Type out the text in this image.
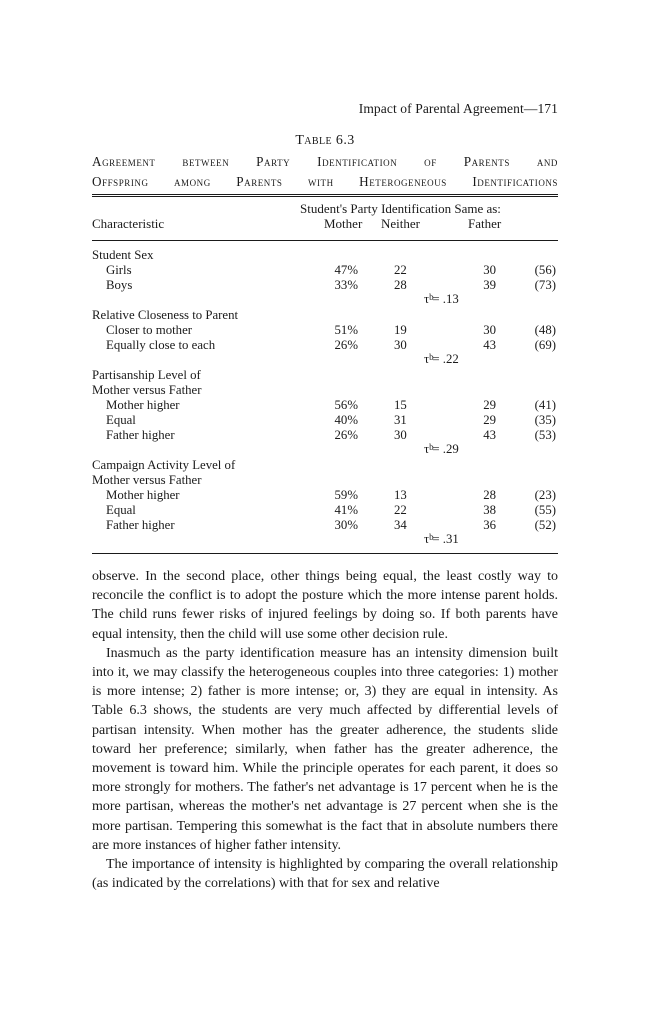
Impact of Parental Agreement—171
Table 6.3
Agreement between Party Identification of Parents and
Offspring among Parents with Heterogeneous Identifications
Student's Party Identification Same as:
Characteristic	Mother Neither	Father
Student Sex
Girls	47%	22	30	(56)
Boys	33%	28	39	(73)
τ b
= .13
Relative Closeness to Parent
Closer to mother	51%	19	30	(48)
Equally close to each	26%	30	43	(69)
τ b
= .22
Partisanship Level of
Mother versus Father
Mother higher	56%	15	29	(41)
Equal	40%	31	29	(35)
Father higher	26%	30	43	(53)
τ b
= .29
Campaign Activity Level of
Mother versus Father
Mother higher	59%	13	28	(23)
Equal	41%	22	38	(55)
Father higher	30%	34	36	(52)
τ b
= .31

observe. In the second place, other things being equal, the least costly way to reconcile the conflict is to adopt the posture which the more intense parent holds. The child runs fewer risks of injured feelings by doing so. If both parents have equal intensity, then the child will use some other decision rule.

Inasmuch as the party identification measure has an intensity dimension built into it, we may classify the heterogeneous couples into three categories: 1) mother is more intense; 2) father is more intense; or, 3) they are equal in intensity. As Table 6.3 shows, the students are very much affected by differential levels of partisan intensity. When mother has the greater adherence, the students slide toward her preference; similarly, when father has the greater adherence, the movement is toward him. While the principle operates for each parent, it does so more strongly for mothers. The father's net advantage is 17 percent when he is the more partisan, whereas the mother's net advantage is 27 percent when she is the more partisan. Tempering this somewhat is the fact that in absolute numbers there are more instances of higher father intensity.

The importance of intensity is highlighted by comparing the overall relationship (as indicated by the correlations) with that for sex and relative
